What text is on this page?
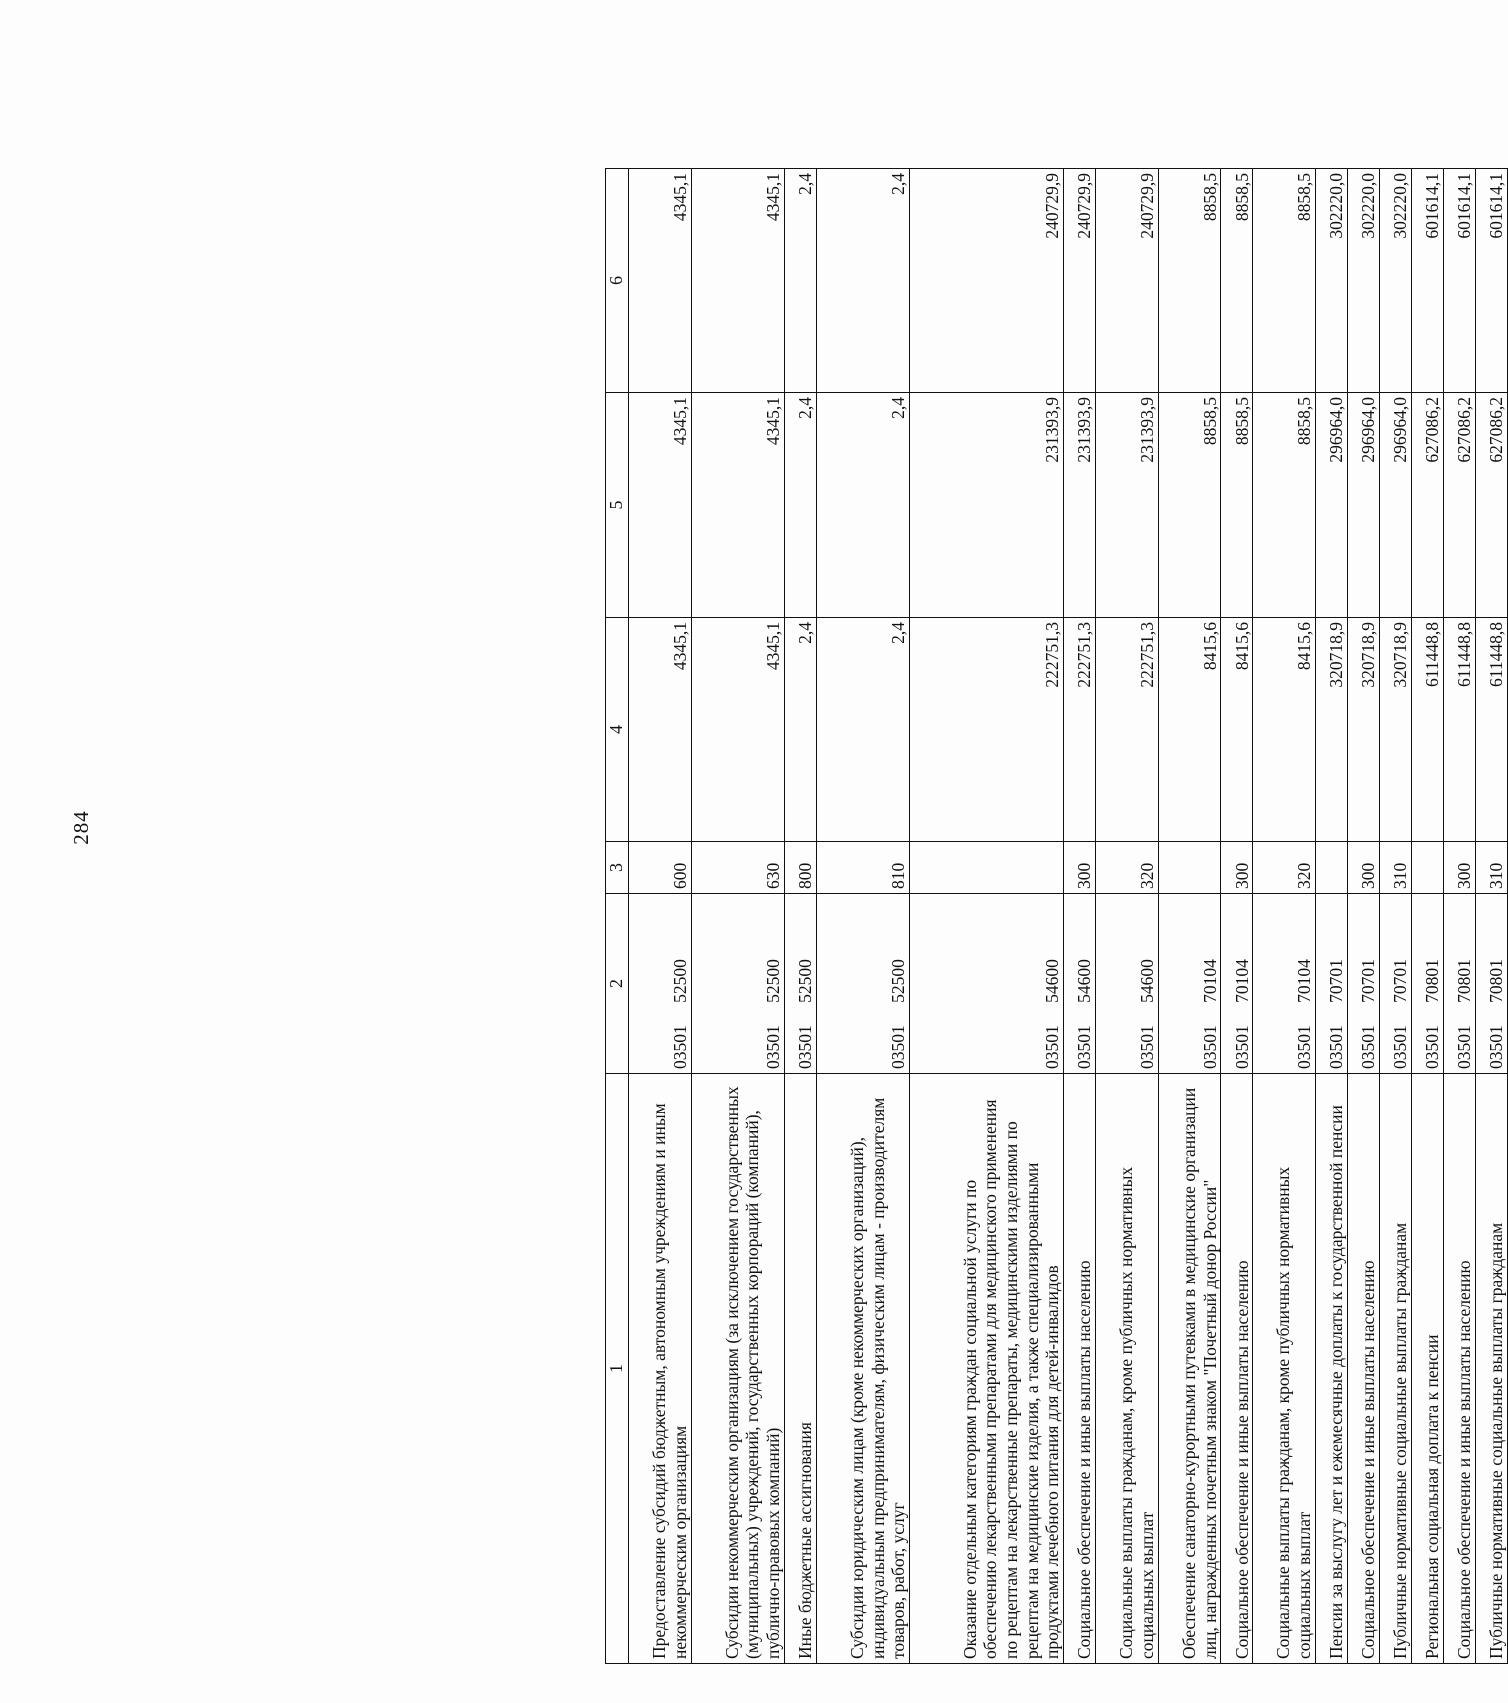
284
1	2	3	4	5	6
Предоставление субсидий бюджетным, автономным учреждениям и иным некоммерческим организациям	03501 52500	600	4345,1	4345,1	4345,1
Субсидии некоммерческим организациям (за исключением государственных (муниципальных) учреждений, государственных корпораций (компаний), публично-правовых компаний)	03501 52500	630	4345,1	4345,1	4345,1
Иные бюджетные ассигнования	03501 52500	800	2,4	2,4	2,4
Субсидии юридическим лицам (кроме некоммерческих организаций), индивидуальным предпринимателям, физическим лицам - производителям товаров, работ, услуг	03501 52500	810	2,4	2,4	2,4
Оказание отдельным категориям граждан социальной услуги по обеспечению лекарственными препаратами для медицинского применения по рецептам на лекарственные препараты, медицинскими изделиями по рецептам на медицинские изделия, а также специализированными продуктами лечебного питания для детей-инвалидов	03501 54600		222751,3	231393,9	240729,9
Социальное обеспечение и иные выплаты населению	03501 54600	300	222751,3	231393,9	240729,9
Социальные выплаты гражданам, кроме публичных нормативных социальных выплат	03501 54600	320	222751,3	231393,9	240729,9
Обеспечение санаторно-курортными путевками в медицинские организации лиц, награжденных почетным знаком "Почетный донор России"	03501 70104		8415,6	8858,5	8858,5
Социальное обеспечение и иные выплаты населению	03501 70104	300	8415,6	8858,5	8858,5
Социальные выплаты гражданам, кроме публичных нормативных социальных выплат	03501 70104	320	8415,6	8858,5	8858,5
Пенсии за выслугу лет и ежемесячные доплаты к государственной пенсии	03501 70701		320718,9	296964,0	302220,0
Социальное обеспечение и иные выплаты населению	03501 70701	300	320718,9	296964,0	302220,0
Публичные нормативные социальные выплаты гражданам	03501 70701	310	320718,9	296964,0	302220,0
Региональная социальная доплата к пенсии	03501 70801		611448,8	627086,2	601614,1
Социальное обеспечение и иные выплаты населению	03501 70801	300	611448,8	627086,2	601614,1
Публичные нормативные социальные выплаты гражданам	03501 70801	310	611448,8	627086,2	601614,1
